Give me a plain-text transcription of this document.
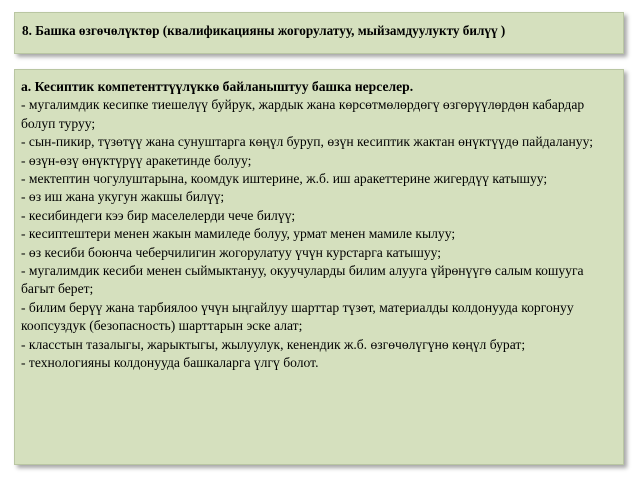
8. Башка өзгөчөлүктөр (квалификацияны жогорулатуу, мыйзамдуулукту билүү )
а. Кесиптик компетенттүүлүккө байланыштуу башка нерселер.
- мугалимдик кесипке тиешелүү буйрук, жардык жана көрсөтмөлөрдөгү өзгөрүүлөрдөн кабардар болуп туруу;
- сын-пикир, түзөтүү жана сунуштарга көңүл буруп, өзүн кесиптик жактан өнүктүүдө пайдалануу;
- өзүн-өзү өнүктүрүү аракетинде болуу;
- мектептин чогулуштарына, коомдук иштерине, ж.б. иш аракеттерине жигердүү катышуу;
- өз иш жана укугун жакшы билүү;
- кесибиндеги кээ бир маселелерди чече билүү;
- кесиптештери менен жакын мамиледе болуу, урмат менен мамиле кылуу;
- өз кесиби боюнча чеберчилигин жогорулатуу үчүн курстарга катышуу;
- мугалимдик кесиби менен сыймыктануу, окуучуларды билим алууга үйрөнүүгө салым кошууга багыт берет;
- билим берүү жана тарбиялоо үчүн ыңгайлуу шарттар түзөт, материалды колдонууда коргонуу коопсуздук (безопасность) шарттарын эске алат;
- класстын тазалыгы, жарыктыгы, жылуулук, кенендик ж.б. өзгөчөлүгүнө көңүл бурат;
- технологияны колдонууда башкаларга үлгү болот.
